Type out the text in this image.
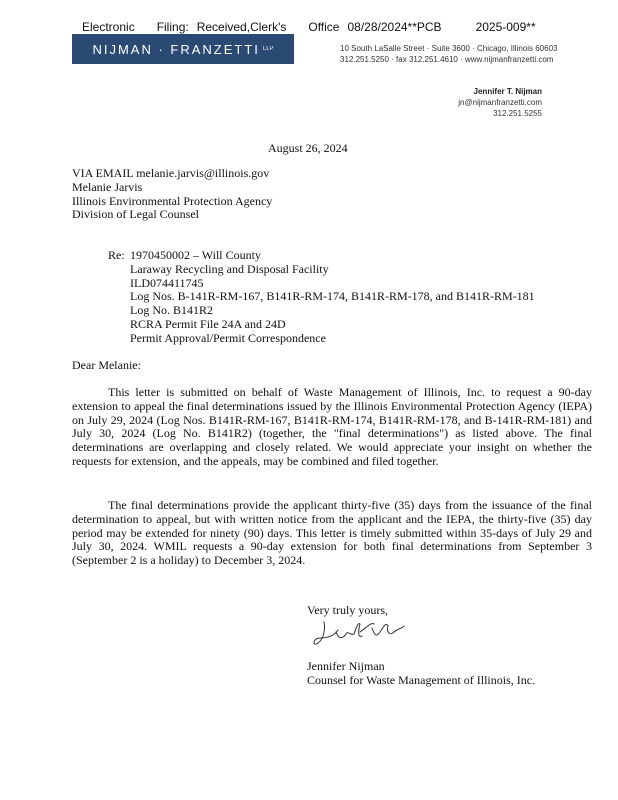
Electronic Filing: Received,Clerk's Office 08/28/2024**PCB	2025-009**
NIJMAN · FRANZETTI LLP	10 South LaSalle Street · Suite 3600 · Chicago, Illinois 60603
312.251.5250 · fax 312.251.4610 · www.nijmanfranzetti.com
Jennifer T. Nijman
jn@nijmanfranzetti.com
312.251.5255
August 26, 2024
VIA EMAIL melanie.jarvis@illinois.gov
Melanie Jarvis
Illinois Environmental Protection Agency
Division of Legal Counsel
Re: 1970450002 – Will County
Laraway Recycling and Disposal Facility
ILD074411745
Log Nos. B-141R-RM-167, B141R-RM-174, B141R-RM-178, and B141R-RM-181
Log No. B141R2
RCRA Permit File 24A and 24D
Permit Approval/Permit Correspondence
Dear Melanie:
This letter is submitted on behalf of Waste Management of Illinois, Inc. to request a 90-day extension to appeal the final determinations issued by the Illinois Environmental Protection Agency (IEPA) on July 29, 2024 (Log Nos. B141R-RM-167, B141R-RM-174, B141R-RM-178, and B-141R-RM-181) and July 30, 2024 (Log No. B141R2) (together, the "final determinations") as listed above. The final determinations are overlapping and closely related. We would appreciate your insight on whether the requests for extension, and the appeals, may be combined and filed together.
The final determinations provide the applicant thirty-five (35) days from the issuance of the final determination to appeal, but with written notice from the applicant and the IEPA, the thirty-five (35) day period may be extended for ninety (90) days. This letter is timely submitted within 35-days of July 29 and July 30, 2024. WMIL requests a 90-day extension for both final determinations from September 3 (September 2 is a holiday) to December 3, 2024.
Very truly yours,
Jennifer Nijman
Counsel for Waste Management of Illinois, Inc.
